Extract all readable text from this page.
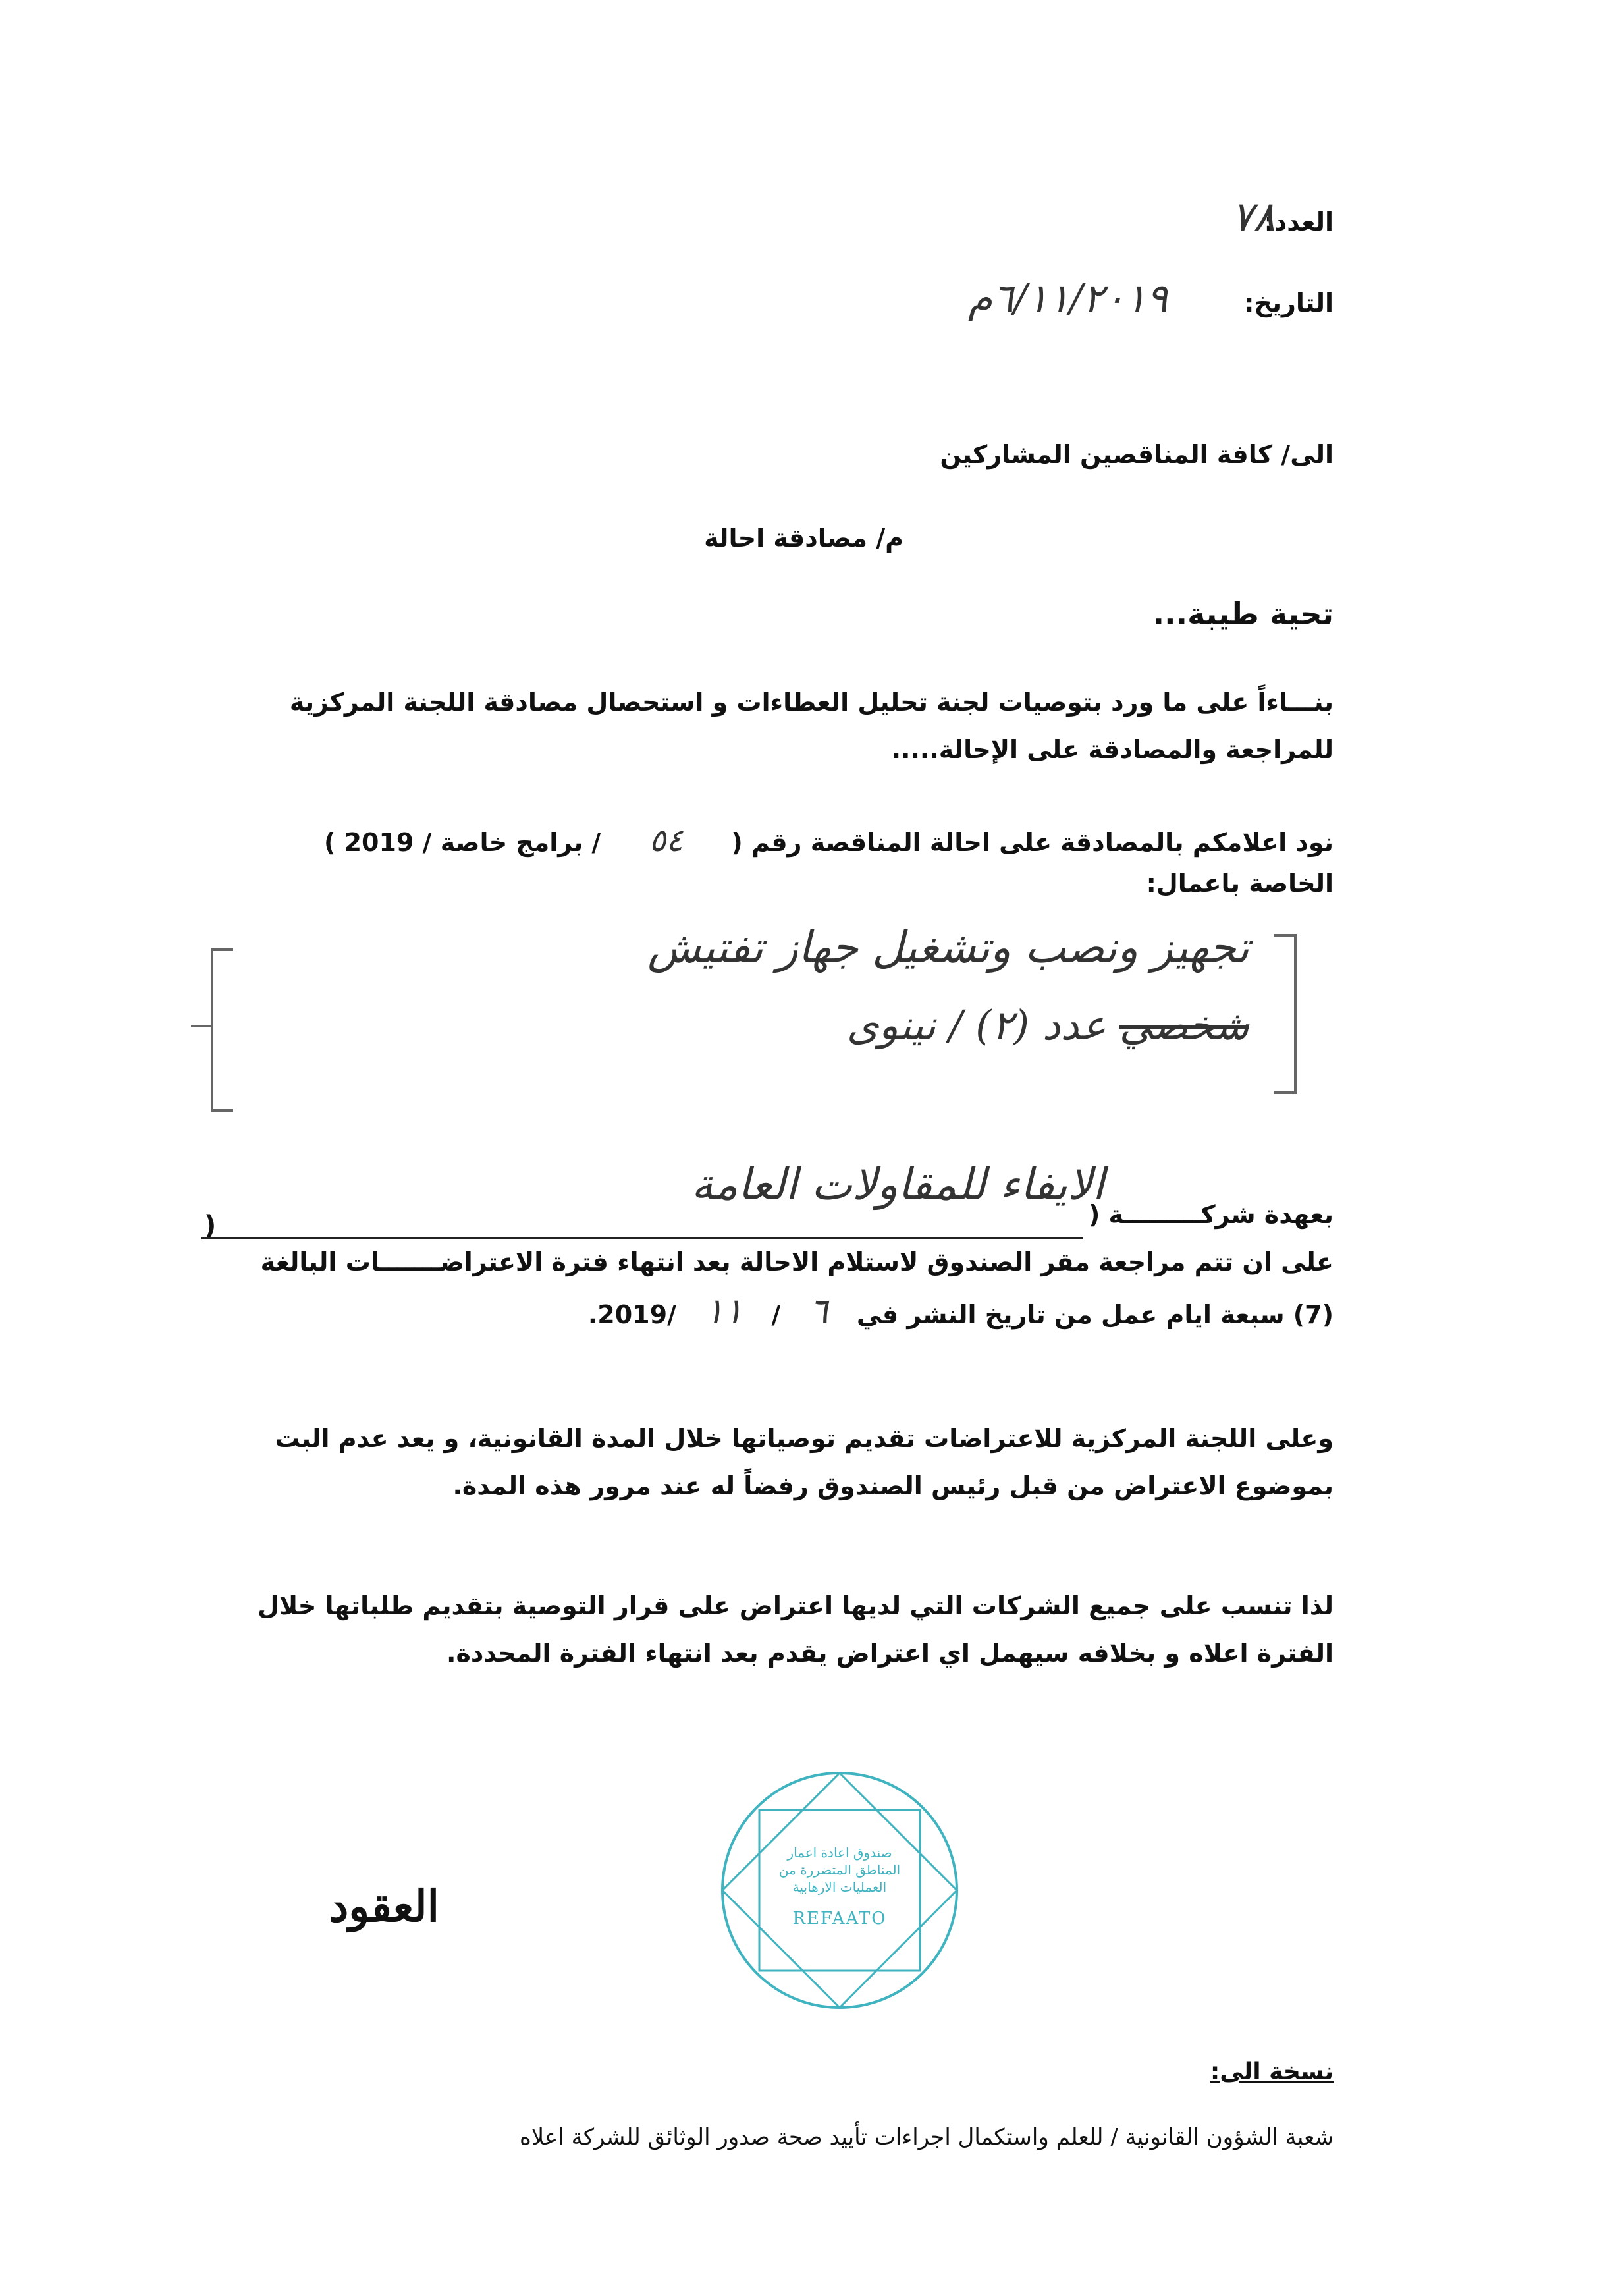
العدد:
٧٨
التاريخ:
٦/١١/٢٠١٩م
الى/ كافة المناقصين المشاركين
م/ مصادقة احالة
تحية طيبة...
بنـــاءاً على ما ورد بتوصيات لجنة تحليل العطاءات و استحصال مصادقة اللجنة المركزية
للمراجعة والمصادقة على الإحالة.....
نود اعلامكم بالمصادقة على احالة المناقصة رقم ( ٥٤ / برامج خاصة / 2019 )
الخاصة باعمال:
تجهيز ونصب وتشغيل جهاز تفتيش
شخصي عدد (٢) / نينوى
بعهدة شركـــــــــة (
الايفاء للمقاولات العامة
)
على ان تتم مراجعة مقر الصندوق لاستلام الاحالة بعد انتهاء فترة الاعتراضـــــــات البالغة
(7) سبعة ايام عمل من تاريخ النشر في ٦ / ١١ /2019.
وعلى اللجنة المركزية للاعتراضات تقديم توصياتها خلال المدة القانونية، و يعد عدم البت
بموضوع الاعتراض من قبل رئيس الصندوق رفضاً له عند مرور هذه المدة.
لذا تنسب على جميع الشركات التي لديها اعتراض على قرار التوصية بتقديم طلباتها خلال
الفترة اعلاه و بخلافه سيهمل اي اعتراض يقدم بعد انتهاء الفترة المحددة.
صندوق اعادة اعمار
المناطق المتضررة من
العمليات الارهابية
REFAATO
العقود
نسخة الى:
شعبة الشؤون القانونية / للعلم واستكمال اجراءات تأييد صحة صدور الوثائق للشركة اعلاه
